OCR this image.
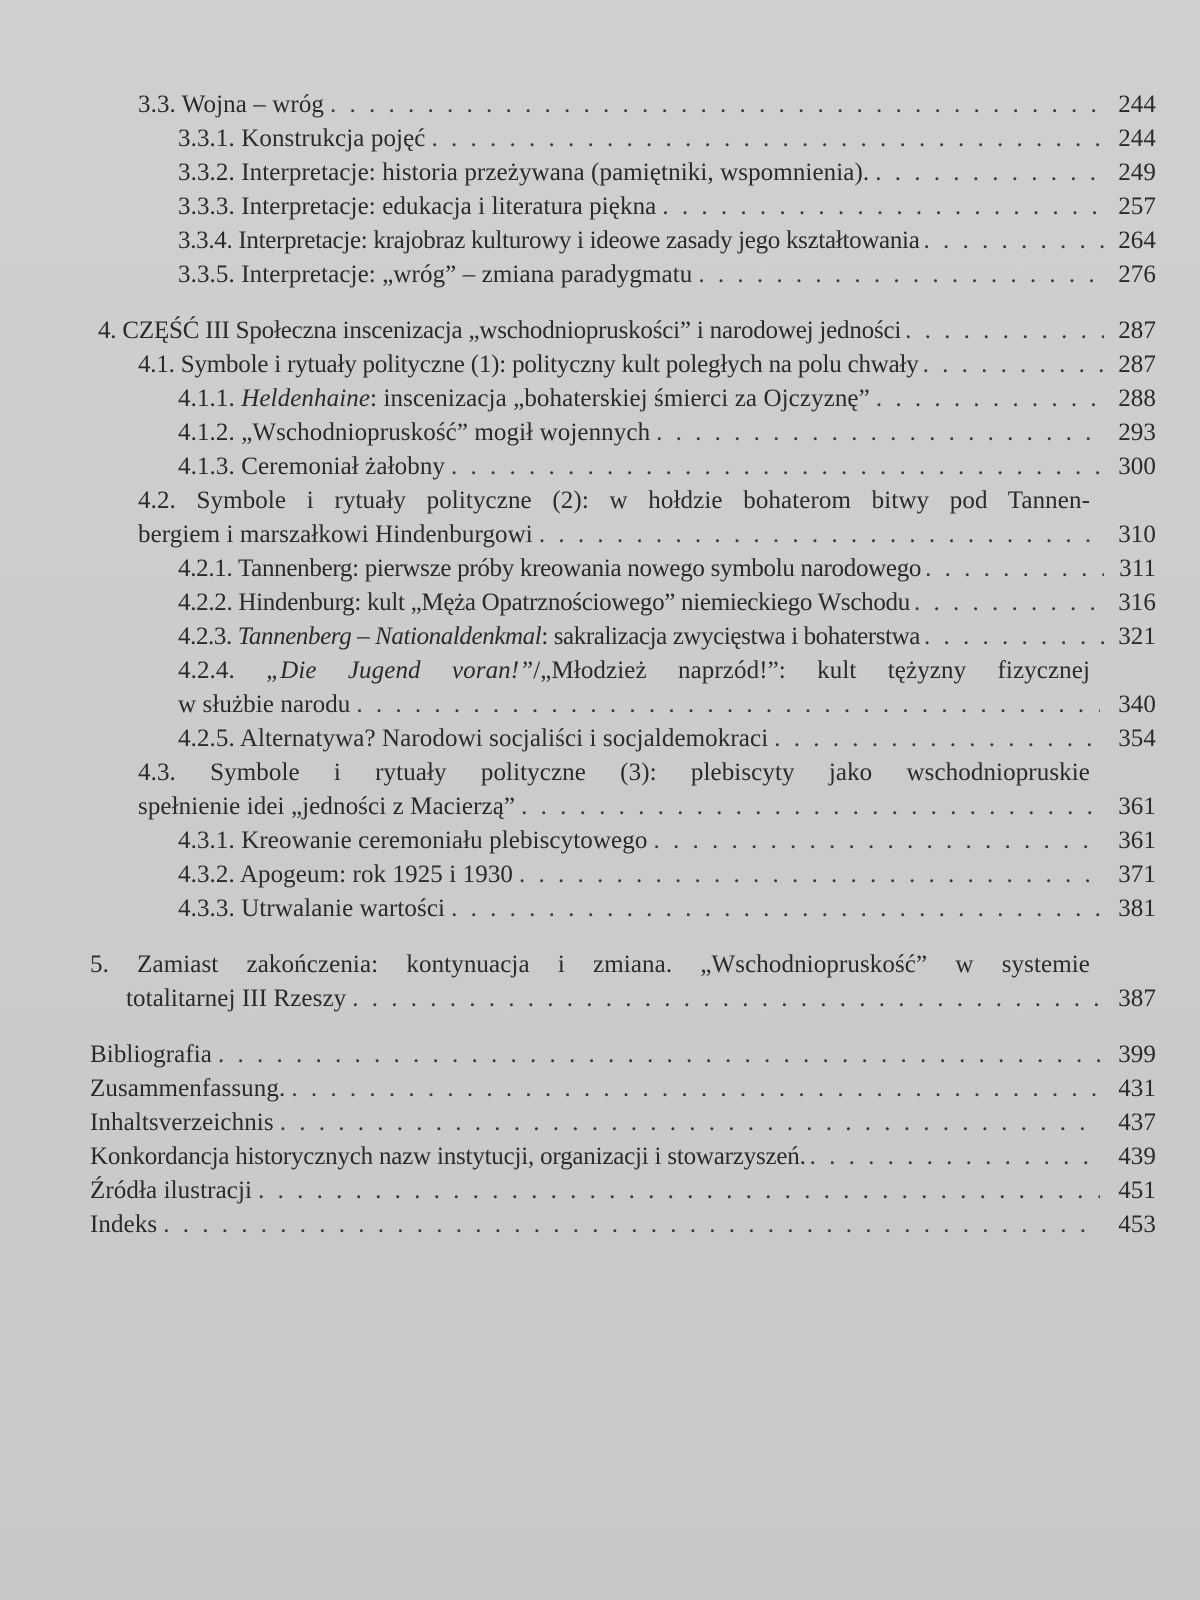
3.3. Wojna – wróg . . .	244
3.3.1. Konstrukcja pojęć . . .	244
3.3.2. Interpretacje: historia przeżywana (pamiętniki, wspomnienia). . . .	249
3.3.3. Interpretacje: edukacja i literatura piękna . . .	257
3.3.4. Interpretacje: krajobraz kulturowy i ideowe zasady jego kształtowania . . .	264
3.3.5. Interpretacje: „wróg” – zmiana paradygmatu . . .	276
4. CZĘŚĆ III Społeczna inscenizacja „wschodniopruskości” i narodowej jedności . . .	287
4.1. Symbole i rytuały polityczne (1): polityczny kult poległych na polu chwały . . .	287
4.1.1. Heldenhaine: inscenizacja „bohaterskiej śmierci za Ojczyznę” . . .	288
4.1.2. „Wschodniopruskość” mogił wojennych . . .	293
4.1.3. Ceremoniał żałobny . . .	300
4.2. Symbole i rytuały polityczne (2): w hołdzie bohaterom bitwy pod Tannen-
bergiem i marszałkowi Hindenburgowi . . .	310
4.2.1. Tannenberg: pierwsze próby kreowania nowego symbolu narodowego . . .	311
4.2.2. Hindenburg: kult „Męża Opatrznościowego” niemieckiego Wschodu . . .	316
4.2.3. Tannenberg – Nationaldenkmal: sakralizacja zwycięstwa i bohaterstwa . . .	321
4.2.4. „Die Jugend voran!”/„Młodzież naprzód!”: kult tężyzny fizycznej
w służbie narodu . . .	340
4.2.5. Alternatywa? Narodowi socjaliści i socjaldemokraci . . .	354
4.3. Symbole i rytuały polityczne (3): plebiscyty jako wschodniopruskie
spełnienie idei „jedności z Macierzą” . . .	361
4.3.1. Kreowanie ceremoniału plebiscytowego . . .	361
4.3.2. Apogeum: rok 1925 i 1930 . . .	371
4.3.3. Utrwalanie wartości . . .	381
5. Zamiast zakończenia: kontynuacja i zmiana. „Wschodniopruskość” w systemie
totalitarnej III Rzeszy . . .	387
Bibliografia . . .	399
Zusammenfassung. . . .	431
Inhaltsverzeichnis . . .	437
Konkordancja historycznych nazw instytucji, organizacji i stowarzyszeń. . . .	439
Źródła ilustracji . . .	451
Indeks . . .	453
